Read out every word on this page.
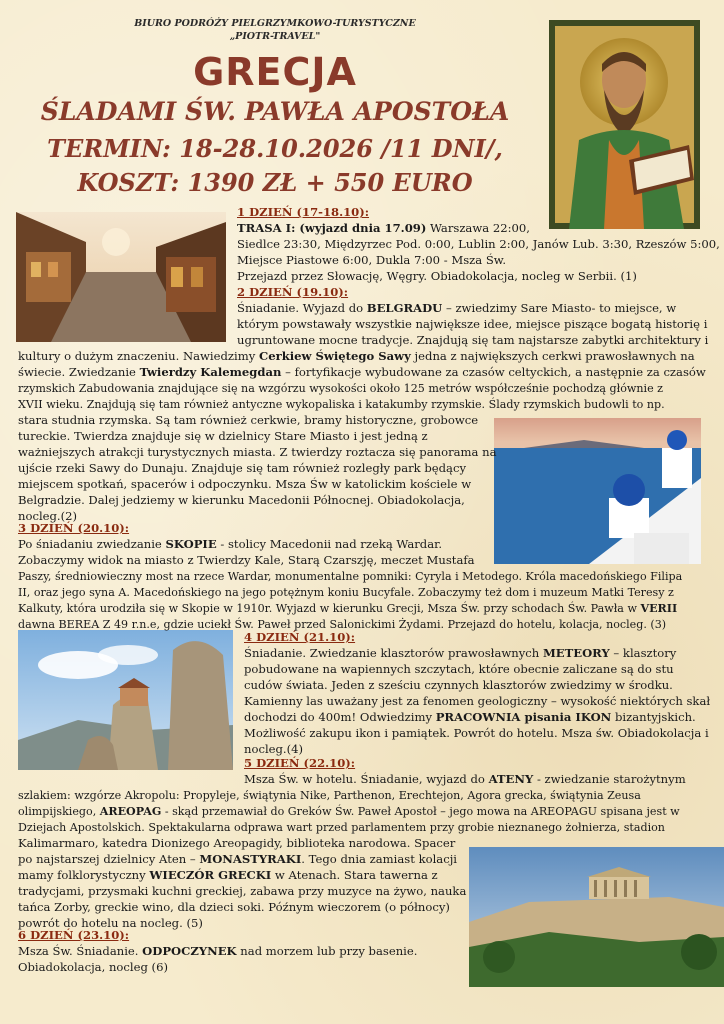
BIURO PODRÓŻY PIELGRZYMKOWO-TURYSTYCZNE
„PIOTR-TRAVEL"
GRECJA
ŚLADAMI ŚW. PAWŁA APOSTOŁA
TERMIN: 18-28.10.2026 /11 DNI/,
KOSZT: 1390 ZŁ + 550 EURO
1 DZIEŃ (17-18.10):
TRASA I: (wyjazd dnia 17.09) Warszawa 22:00,
Siedlce 23:30, Międzyrzec Pod. 0:00, Lublin 2:00, Janów Lub. 3:30, Rzeszów 5:00,
Miejsce Piastowe 6:00, Dukla 7:00 - Msza Św.
Przejazd przez Słowację, Węgry. Obiadokolacja, nocleg w Serbii. (1)
2 DZIEŃ (19.10):
Śniadanie. Wyjazd do BELGRADU – zwiedzimy Sare Miasto- to miejsce, w
którym powstawały wszystkie największe idee, miejsce piszące bogatą historię i
ugruntowane mocne tradycje. Znajdują się tam najstarsze zabytki architektury i
kultury o dużym znaczeniu. Nawiedzimy Cerkiew Świętego Sawy jedna z największych cerkwi prawosławnych na
świecie. Zwiedzanie Twierdzy Kalemegdan – fortyfikacje wybudowane za czasów celtyckich, a następnie za czasów
rzymskich Zabudowania znajdujące się na wzgórzu wysokości około 125 metrów współcześnie pochodzą głównie z
XVII wieku. Znajdują się tam również antyczne wykopaliska i katakumby rzymskie. Ślady rzymskich budowli to np.
stara studnia rzymska. Są tam również cerkwie, bramy historyczne, grobowce
tureckie. Twierdza znajduje się w dzielnicy Stare Miasto i jest jedną z
ważniejszych atrakcji turystycznych miasta. Z twierdzy roztacza się panorama na
ujście rzeki Sawy do Dunaju. Znajduje się tam również rozległy park będący
miejscem spotkań, spacerów i odpoczynku. Msza Św w katolickim kościele w
Belgradzie. Dalej jedziemy w kierunku Macedonii Północnej. Obiadokolacja,
nocleg.(2)
3 DZIEŃ (20.10):
Po śniadaniu zwiedzanie SKOPIE - stolicy Macedonii nad rzeką Wardar.
Zobaczymy widok na miasto z Twierdzy Kale, Starą Czarszję, meczet Mustafa
Paszy, średniowieczny most na rzece Wardar, monumentalne pomniki: Cyryla i Metodego. Króla macedońskiego Filipa
II, oraz jego syna A. Macedońskiego na jego potężnym koniu Bucyfale. Zobaczymy też dom i muzeum Matki Teresy z
Kalkuty, która urodziła się w Skopie w 1910r. Wyjazd w kierunku Grecji, Msza Św. przy schodach Św. Pawła w VERII
dawna BEREA Z 49 r.n.e, gdzie uciekł Św. Paweł przed Salonickimi Żydami. Przejazd do hotelu, kolacja, nocleg. (3)
4 DZIEŃ (21.10):
Śniadanie. Zwiedzanie klasztorów prawosławnych METEORY – klasztory
pobudowane na wapiennych szczytach, które obecnie zaliczane są do stu
cudów świata. Jeden z sześciu czynnych klasztorów zwiedzimy w środku.
Kamienny las uważany jest za fenomen geologiczny – wysokość niektórych skał
dochodzi do 400m! Odwiedzimy PRACOWNIA pisania IKON bizantyjskich.
Możliwość zakupu ikon i pamiątek. Powrót do hotelu. Msza św. Obiadokolacja i
nocleg.(4)
5 DZIEŃ (22.10):
Msza Św. w hotelu. Śniadanie, wyjazd do ATENY - zwiedzanie starożytnym
szlakiem: wzgórze Akropolu: Propyleje, świątynia Nike, Parthenon, Erechtejon, Agora grecka, świątynia Zeusa
olimpijskiego, AREOPAG - skąd przemawiał do Greków Św. Paweł Apostoł – jego mowa na AREOPAGU spisana jest w
Dziejach Apostolskich. Spektakularna odprawa wart przed parlamentem przy grobie nieznanego żołnierza, stadion
Kalimarmaro, katedra Dionizego Areopagidy, biblioteka narodowa. Spacer
po najstarszej dzielnicy Aten – MONASTYRAKI. Tego dnia zamiast kolacji
mamy folklorystyczny WIECZÓR GRECKI w Atenach. Stara tawerna z
tradycjami, przysmaki kuchni greckiej, zabawa przy muzyce na żywo, nauka
tańca Zorby, greckie wino, dla dzieci soki. Późnym wieczorem (o północy)
powrót do hotelu na nocleg. (5)
6 DZIEŃ (23.10):
Msza Św. Śniadanie. ODPOCZYNEK nad morzem lub przy basenie.
Obiadokolacja, nocleg (6)
